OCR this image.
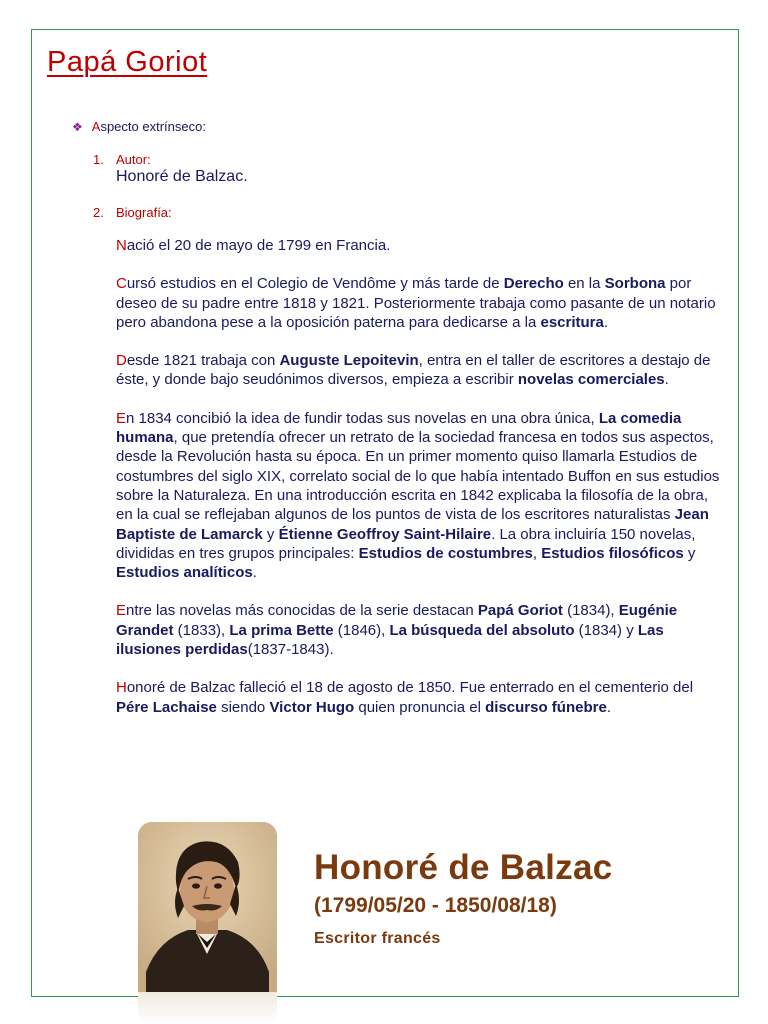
Papá Goriot
❖ Aspecto extrínseco:
1. Autor:
Honoré de Balzac.
2. Biografía:

Nació el 20 de mayo de 1799 en Francia.

Cursó estudios en el Colegio de Vendôme y más tarde de Derecho en la Sorbona por deseo de su padre entre 1818 y 1821. Posteriormente trabaja como pasante de un notario pero abandona pese a la oposición paterna para dedicarse a la escritura.

Desde 1821 trabaja con Auguste Lepoitevin, entra en el taller de escritores a destajo de éste, y donde bajo seudónimos diversos, empieza a escribir novelas comerciales.

En 1834 concibió la idea de fundir todas sus novelas en una obra única, La comedia humana, que pretendía ofrecer un retrato de la sociedad francesa en todos sus aspectos, desde la Revolución hasta su época. En un primer momento quiso llamarla Estudios de costumbres del siglo XIX, correlato social de lo que había intentado Buffon en sus estudios sobre la Naturaleza. En una introducción escrita en 1842 explicaba la filosofía de la obra, en la cual se reflejaban algunos de los puntos de vista de los escritores naturalistas Jean Baptiste de Lamarck y Étienne Geoffroy Saint-Hilaire. La obra incluiría 150 novelas, divididas en tres grupos principales: Estudios de costumbres, Estudios filosóficos y Estudios analíticos.

Entre las novelas más conocidas de la serie destacan Papá Goriot (1834), Eugénie Grandet (1833), La prima Bette (1846), La búsqueda del absoluto (1834) y Las ilusiones perdidas(1837-1843).

Honoré de Balzac falleció el 18 de agosto de 1850. Fue enterrado en el cementerio del Pére Lachaise siendo Victor Hugo quien pronuncia el discurso fúnebre.

Honoré de Balzac
(1799/05/20 - 1850/08/18)
Escritor francés
